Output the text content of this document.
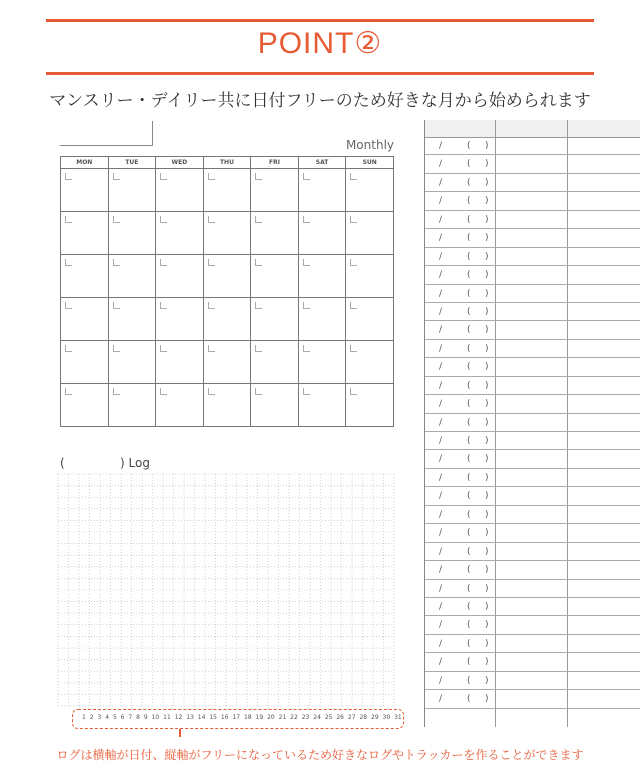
POINT②
マンスリー・デイリー共に日付フリーのため好きな月から始められます
Monthly
MON	TUE	WED	THU	FRI	SAT	SUN

(	) Log
1 2 3 4 5 6 7 8 9 10 11 12 13 14 15 16 17 18 19 20 21 22 23 24 25 26 27 28 29 30 31
ログは横軸が日付、縦軸がフリーになっているため好きなログやトラッカーを作ることができます
/	( )
/	( )
/	( )
/	( )
/	( )
/	( )
/	( )
/	( )
/	( )
/	( )
/	( )
/	( )
/	( )
/	( )
/	( )
/	( )
/	( )
/	( )
/	( )
/	( )
/	( )
/	( )
/	( )
/	( )
/	( )
/	( )
/	( )
/	( )
/	( )
/	( )
/	( )
